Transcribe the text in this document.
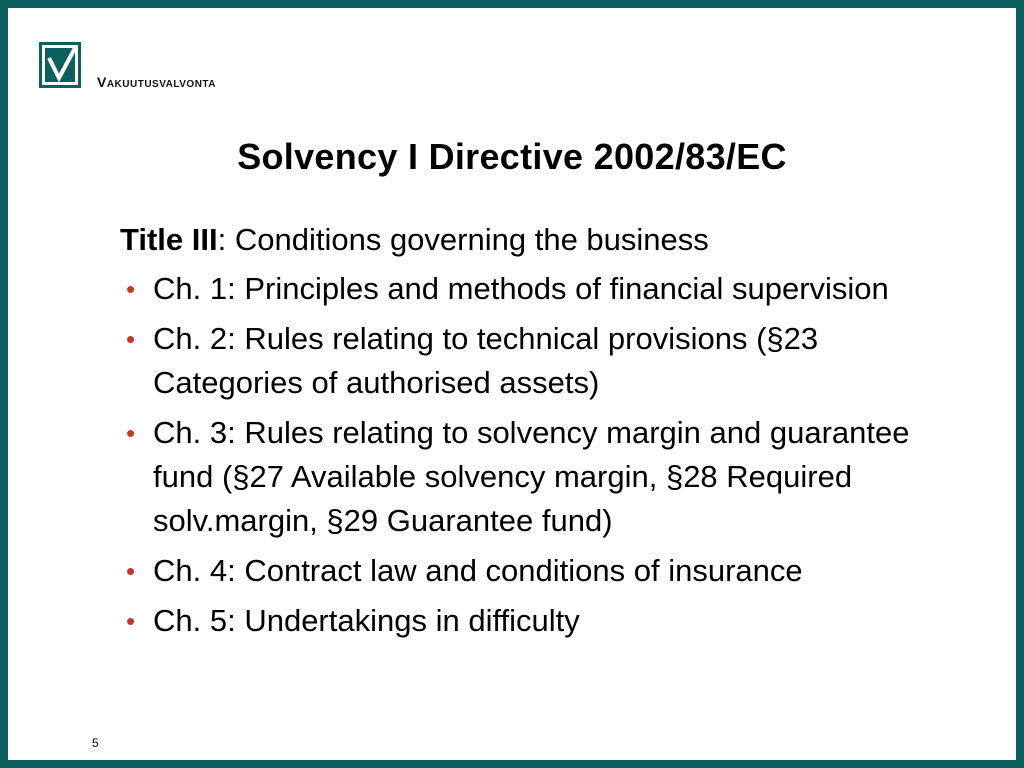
Vakuutusvalvonta
Solvency I Directive 2002/83/EC
Title III: Conditions governing the business
• Ch. 1: Principles and methods of financial supervision
• Ch. 2: Rules relating to technical provisions (§23 Categories of authorised assets)
• Ch. 3: Rules relating to solvency margin and guarantee fund (§27 Available solvency margin, §28 Required solv.margin, §29 Guarantee fund)
• Ch. 4: Contract law and conditions of insurance
• Ch. 5: Undertakings in difficulty
5
